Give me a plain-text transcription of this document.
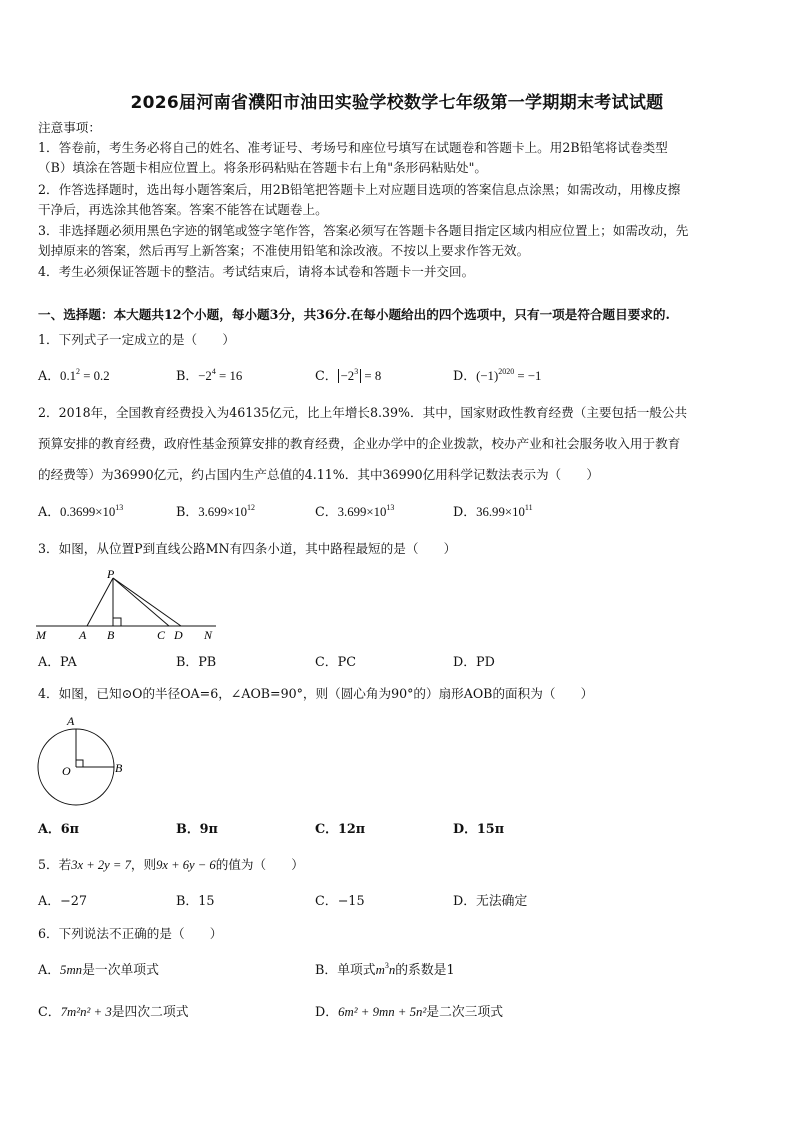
2026届河南省濮阳市油田实验学校数学七年级第一学期期末考试试题
注意事项：
1．答卷前，考生务必将自己的姓名、准考证号、考场号和座位号填写在试题卷和答题卡上。用2B铅笔将试卷类型
（B）填涂在答题卡相应位置上。将条形码粘贴在答题卡右上角"条形码粘贴处"。
2．作答选择题时，选出每小题答案后，用2B铅笔把答题卡上对应题目选项的答案信息点涂黑；如需改动，用橡皮擦
干净后，再选涂其他答案。答案不能答在试题卷上。
3．非选择题必须用黑色字迹的钢笔或签字笔作答，答案必须写在答题卡各题目指定区域内相应位置上；如需改动，先
划掉原来的答案，然后再写上新答案；不准使用铅笔和涂改液。不按以上要求作答无效。
4．考生必须保证答题卡的整洁。考试结束后，请将本试卷和答题卡一并交回。
一、选择题：本大题共12个小题，每小题3分，共36分.在每小题给出的四个选项中，只有一项是符合题目要求的.
1．下列式子一定成立的是（　　）
A．$0.1^2 = 0.2$	B．$-2^4 = 16$	C． $-2^3 = 8$	D．$(-1)^{2020} = -1$
2．2018年，全国教育经费投入为46135亿元，比上年增长8.39%．其中，国家财政性教育经费（主要包括一般公共
预算安排的教育经费，政府性基金预算安排的教育经费，企业办学中的企业拨款，校办产业和社会服务收入用于教育
的经费等）为36990亿元，约占国内生产总值的4.11%．其中36990亿用科学记数法表示为（　　）
A．$0.3699\times 10^{13}$	B．$3.699\times 10^{12}$	C．$3.699\times 10^{13}$	D．$36.99\times 10^{11}$
3．如图，从位置P到直线公路MN有四条小道，其中路程最短的是（　　）
P
M	A B	C D N
A．PA	B．PB	C．PC	D．PD
4．如图，已知⊙O的半径OA=6，∠AOB=90°，则（圆心角为90°的）扇形AOB的面积为（　　）
A
O	B
A．6π	B．9π	C．12π	D．15π
5．若3x + 2y = 7，则9x + 6y − 6的值为（　　）
A．−27	B．15	C．−15	D．无法确定
6．下列说法不正确的是（　　）
A．5mn是一次单项式	B．单项式$m^3n$的系数是1
C．7m²n² + 3是四次二项式	D．6m² + 9mn + 5n²是二次三项式
